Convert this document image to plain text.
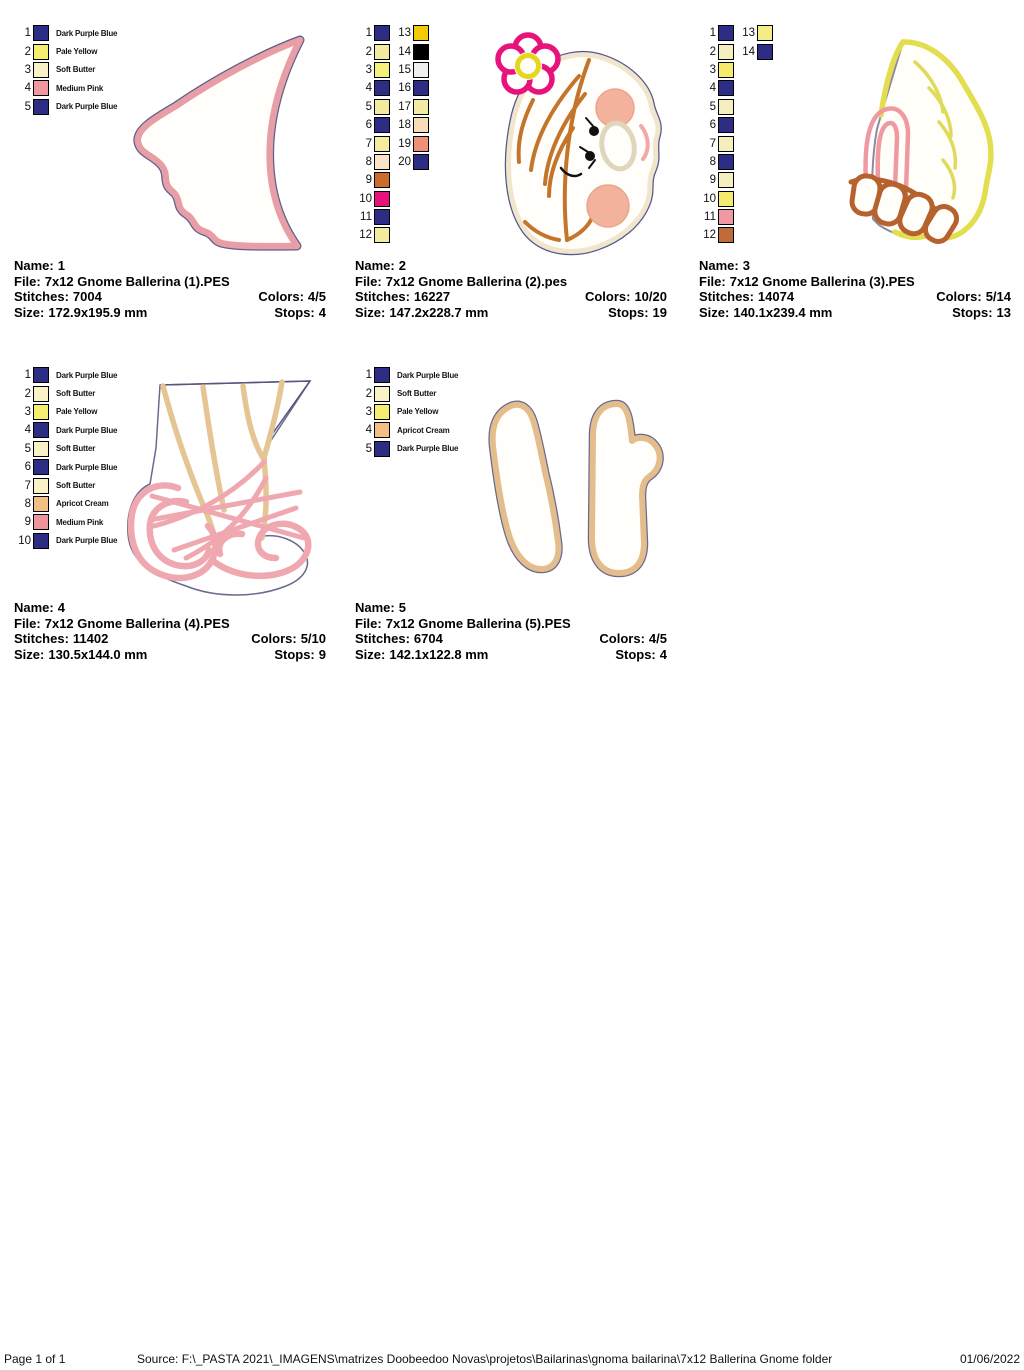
1	Dark Purple Blue
2	Pale Yellow
3	Soft Butter
4	Medium Pink
5	Dark Purple Blue
Name: 1
File: 7x12 Gnome Ballerina (1).PES
Stitches: 7004	Colors: 4/5
Size: 172.9x195.9 mm	Stops: 4
1	13
2	14
3	15
4	16
5	17
6	18
7	19
8	20
9
10
11
12
Name: 2
File: 7x12 Gnome Ballerina (2).pes
Stitches: 16227	Colors: 10/20
Size: 147.2x228.7 mm	Stops: 19
1	13
2	14
3
4
5
6
7
8
9
10
11
12
Name: 3
File: 7x12 Gnome Ballerina (3).PES
Stitches: 14074	Colors: 5/14
Size: 140.1x239.4 mm	Stops: 13
1	Dark Purple Blue
2	Soft Butter
3	Pale Yellow
4	Dark Purple Blue
5	Soft Butter
6	Dark Purple Blue
7	Soft Butter
8	Apricot Cream
9	Medium Pink
10	Dark Purple Blue
Name: 4
File: 7x12 Gnome Ballerina (4).PES
Stitches: 11402	Colors: 5/10
Size: 130.5x144.0 mm	Stops: 9
1	Dark Purple Blue
2	Soft Butter
3	Pale Yellow
4	Apricot Cream
5	Dark Purple Blue
Name: 5
File: 7x12 Gnome Ballerina (5).PES
Stitches: 6704	Colors: 4/5
Size: 142.1x122.8 mm	Stops: 4
Page 1 of 1	Source: F:\_PASTA 2021\_IMAGENS\matrizes Doobeedoo Novas\projetos\Bailarinas\gnoma bailarina\7x12 Ballerina Gnome folder	01/06/2022
